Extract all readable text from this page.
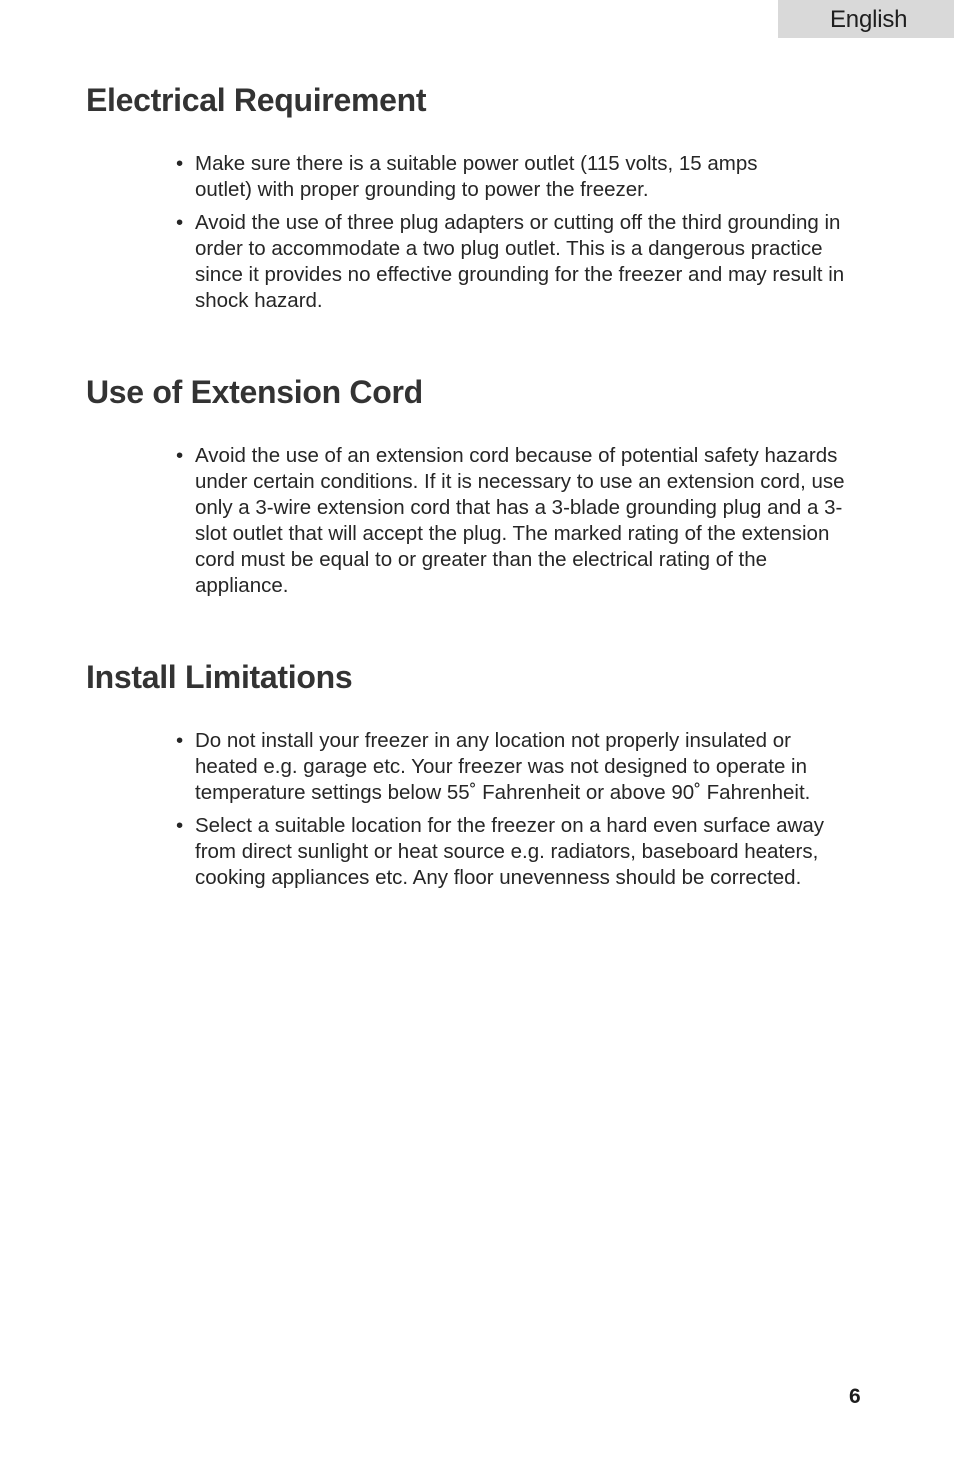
English
Electrical Requirement
• Make sure there is a suitable power outlet (115 volts, 15 amps outlet) with proper grounding to power the freezer.
• Avoid the use of three plug adapters or cutting off the third grounding in order to accommodate a two plug outlet. This is a dangerous practice since it provides no effective grounding for the freezer and may result in shock hazard.
Use of Extension Cord
• Avoid the use of an extension cord because of potential safety hazards under certain conditions. If it is necessary to use an extension cord, use only a 3-wire extension cord that has a 3-blade grounding plug and a 3-slot outlet that will accept the plug. The marked rating of the extension cord must be equal to or greater than the electrical rating of the appliance.
Install Limitations
• Do not install your freezer in any location not properly insulated or heated e.g. garage etc. Your freezer was not designed to operate in temperature settings below 55˚ Fahrenheit or above 90˚ Fahrenheit.
• Select a suitable location for the freezer on a hard even surface away from direct sunlight or heat source e.g. radiators, baseboard heaters, cooking appliances etc. Any floor unevenness should be corrected.
6
